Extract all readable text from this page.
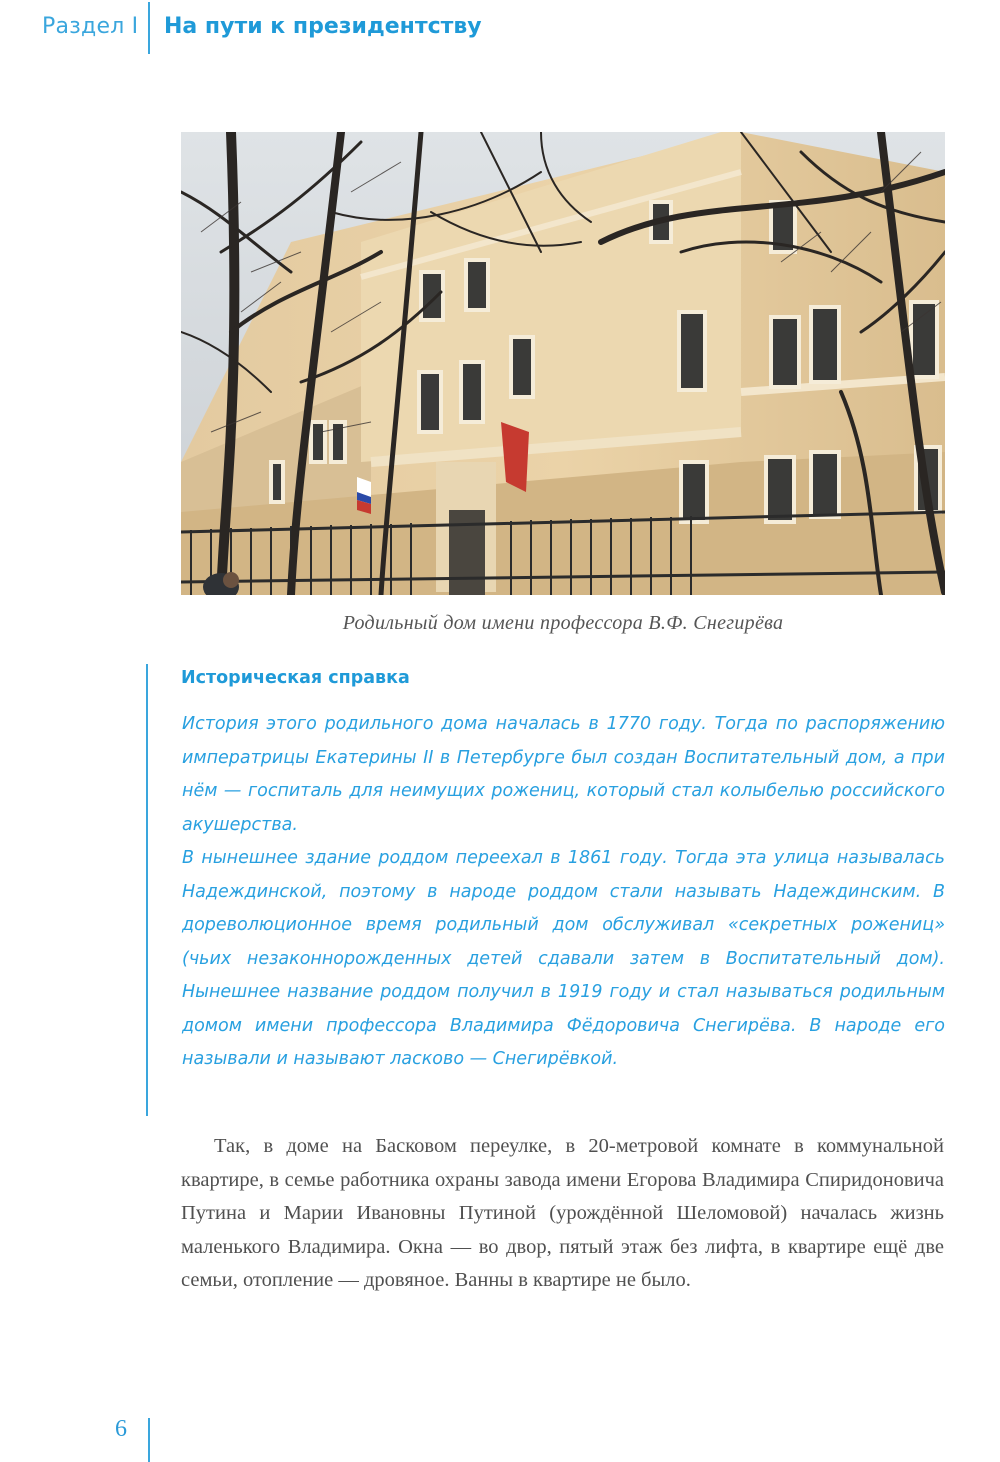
Раздел I На пути к президентству
Родильный дом имени профессора В.Ф. Снегирёва
Историческая справка

История этого родильного дома началась в 1770 году. Тогда по распоряжению императрицы Екатерины II в Петербурге был создан Воспитательный дом, а при нём — госпиталь для неимущих рожениц, который стал колыбелью российского акушерства.

В нынешнее здание роддом переехал в 1861 году. Тогда эта улица называлась Надеждинской, поэтому в народе роддом стали называть Надеждинским. В дореволюционное время родильный дом обслуживал «секретных рожениц» (чьих незаконнорожденных детей сдавали затем в Воспитательный дом). Нынешнее название роддом получил в 1919 году и стал называться родильным домом имени профессора Владимира Фёдоровича Снегирёва. В народе его называли и называют ласково — Снегирёвкой.

Так, в доме на Басковом переулке, в 20-метровой комнате в коммунальной квартире, в семье работника охраны завода имени Егорова Владимира Спиридоновича Путина и Марии Ивановны Путиной (урождённой Шеломовой) началась жизнь маленького Владимира. Окна — во двор, пятый этаж без лифта, в квартире ещё две семьи, отопление — дровяное. Ванны в квартире не было.

6
